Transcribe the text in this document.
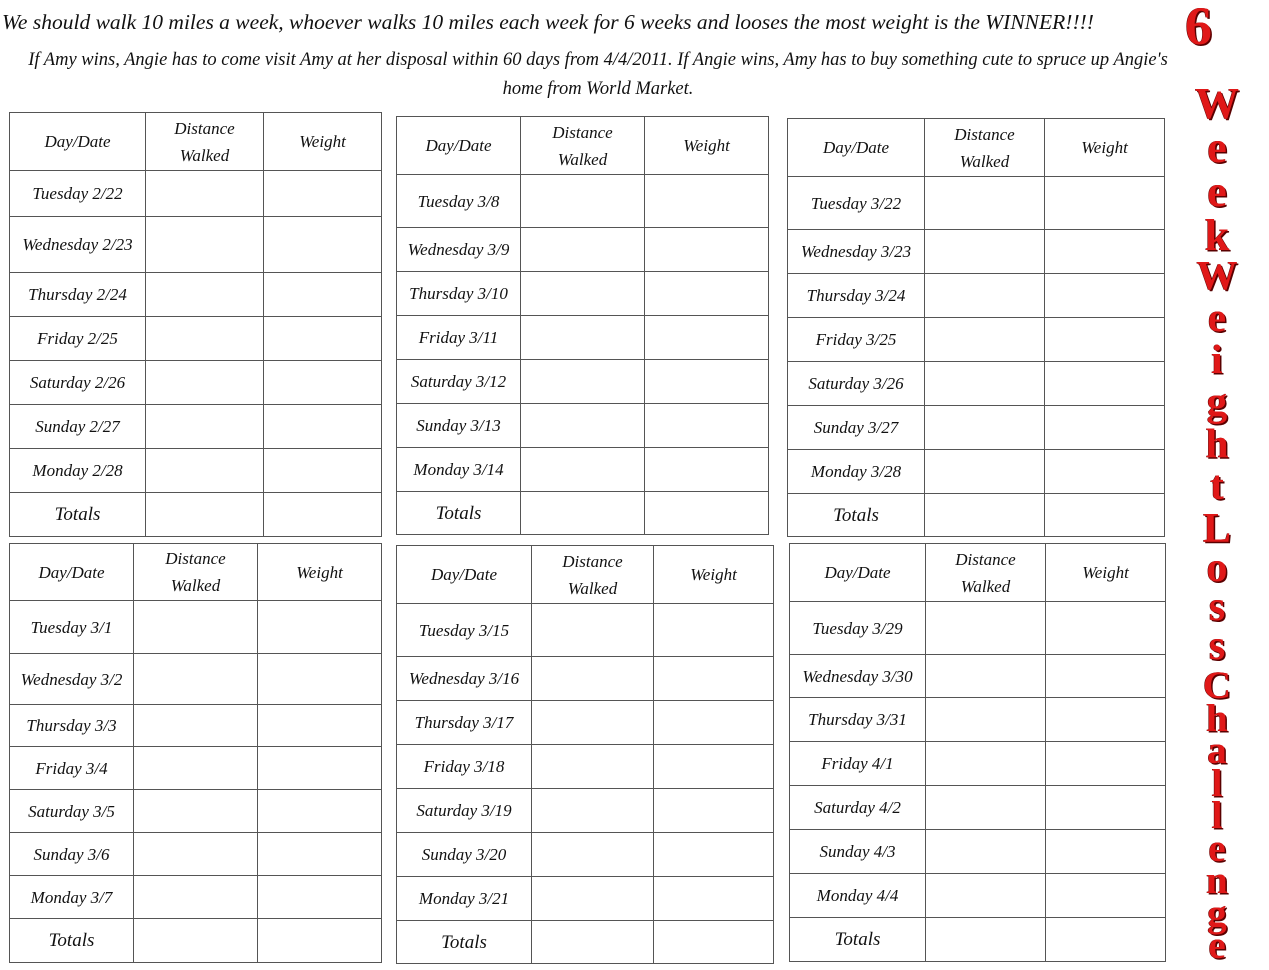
We should walk 10 miles a week, whoever walks 10 miles each week for 6 weeks and looses the most weight is the WINNER!!!!
If Amy wins, Angie has to come visit Amy at her disposal within 60 days from 4/4/2011. If Angie wins, Amy has to buy something cute to spruce up Angie's home from World Market.
Day/Date	Distance Walked	Weight
Tuesday 2/22		
Wednesday 2/23		
Thursday 2/24		
Friday 2/25		
Saturday 2/26		
Sunday 2/27		
Monday 2/28		
Totals		
Day/Date	Distance Walked	Weight
Tuesday 3/8		
Wednesday 3/9		
Thursday 3/10		
Friday 3/11		
Saturday 3/12		
Sunday 3/13		
Monday 3/14		
Totals		
Day/Date	Distance Walked	Weight
Tuesday 3/22		
Wednesday 3/23		
Thursday 3/24		
Friday 3/25		
Saturday 3/26		
Sunday 3/27		
Monday 3/28		
Totals		
Day/Date	Distance Walked	Weight
Tuesday 3/1		
Wednesday 3/2		
Thursday 3/3		
Friday 3/4		
Saturday 3/5		
Sunday 3/6		
Monday 3/7		
Totals		
Day/Date	Distance Walked	Weight
Tuesday 3/15		
Wednesday 3/16		
Thursday 3/17		
Friday 3/18		
Saturday 3/19		
Sunday 3/20		
Monday 3/21		
Totals		
Day/Date	Distance Walked	Weight
Tuesday 3/29		
Wednesday 3/30		
Thursday 3/31		
Friday 4/1		
Saturday 4/2		
Sunday 4/3		
Monday 4/4		
Totals		
6
W
e
e
k
W
e
i
g
h
t
L
o
s
s
C
h
a
l
l
e
n
g
e
